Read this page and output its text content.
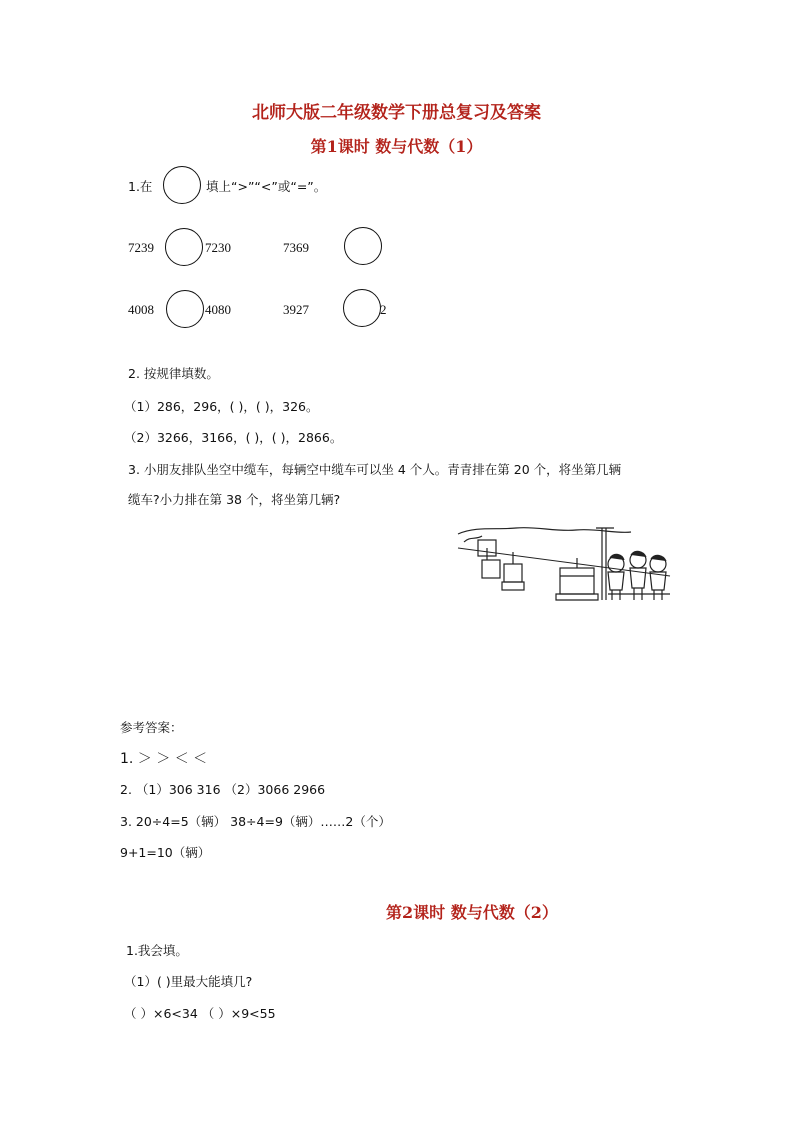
北师大版二年级数学下册总复习及答案
第1课时 数与代数（1）
1.在	填上“>”“<”或“=”。
7239	7230	7369
4008	4080	3927	2
2. 按规律填数。
（1）286，296，( )，( )，326。
（2）3266，3166，( )，( )，2866。
3. 小朋友排队坐空中缆车，每辆空中缆车可以坐 4 个人。青青排在第 20 个，将坐第几辆
缆车?小力排在第 38 个，将坐第几辆?
参考答案：
1. ＞ ＞ ＜ ＜
2. （1）306 316 （2）3066 2966
3. 20÷4=5（辆） 38÷4=9（辆）……2（个）
9+1=10（辆）
第2课时 数与代数（2）
1.我会填。
（1）( )里最大能填几?
（ ）×6<34 （ ）×9<55
